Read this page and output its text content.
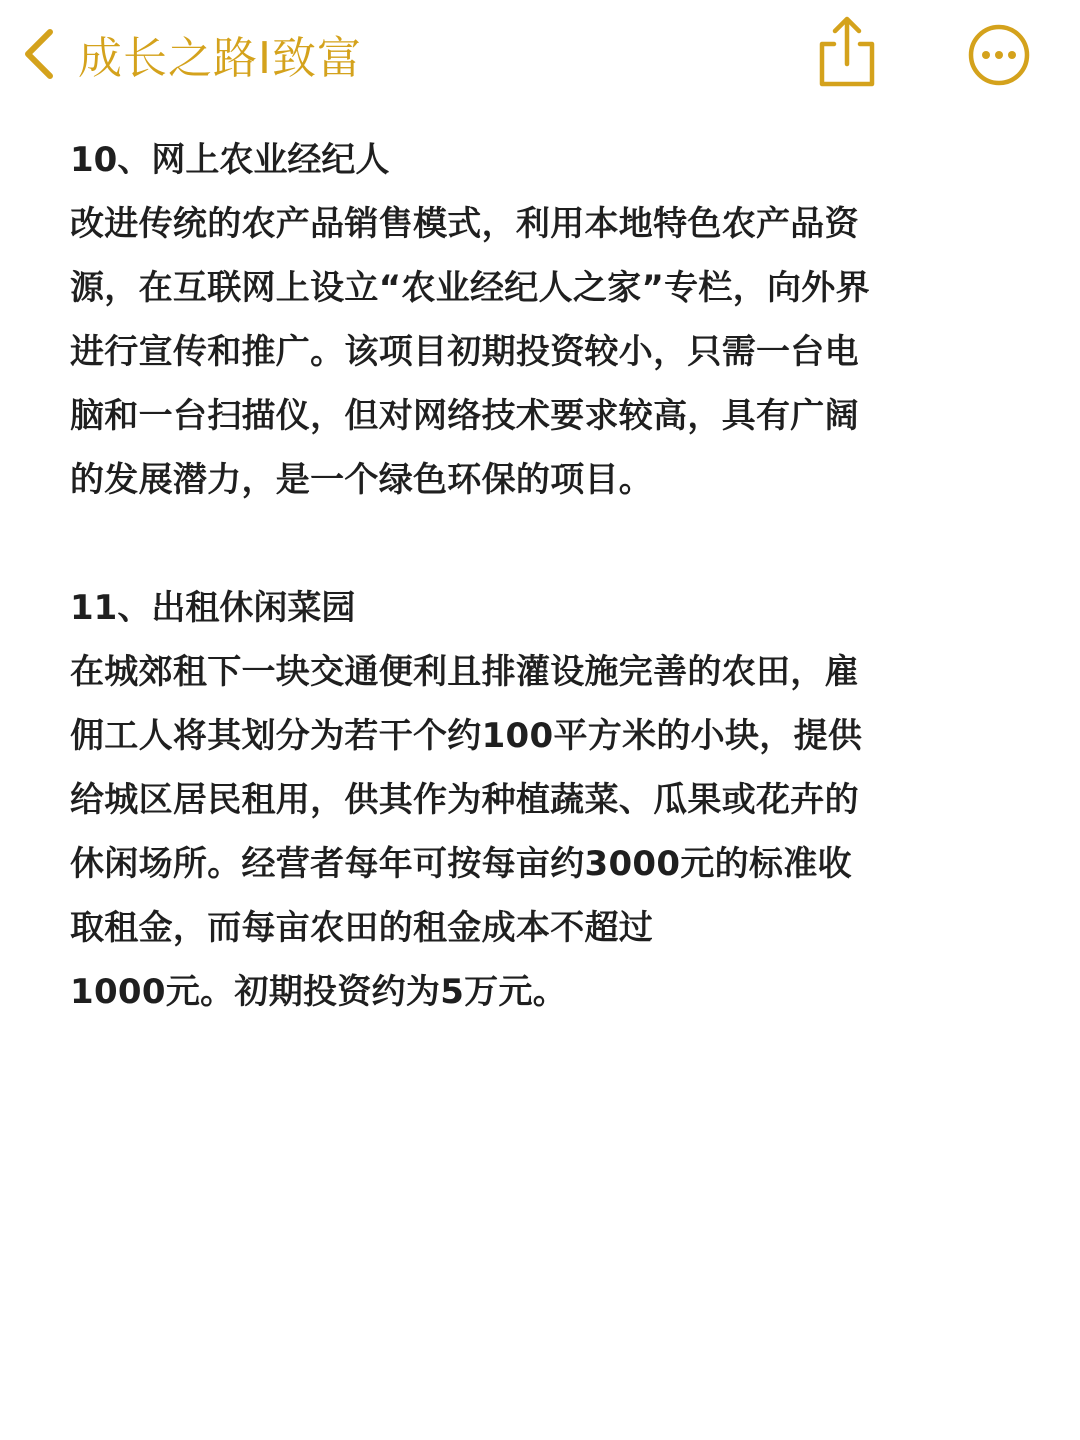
成长之路I致富

10、网上农业经纪人

改进传统的农产品销售模式，利用本地特色农产品资

源，在互联网上设立“农业经纪人之家”专栏，向外界

进行宣传和推广。该项目初期投资较小，只需一台电

脑和一台扫描仪，但对网络技术要求较高，具有广阔

的发展潜力，是一个绿色环保的项目。

11、出租休闲菜园

在城郊租下一块交通便利且排灌设施完善的农田，雇

佣工人将其划分为若干个约100平方米的小块，提供

给城区居民租用，供其作为种植蔬菜、瓜果或花卉的

休闲场所。经营者每年可按每亩约3000元的标准收

取租金，而每亩农田的租金成本不超过

1000元。初期投资约为5万元。
